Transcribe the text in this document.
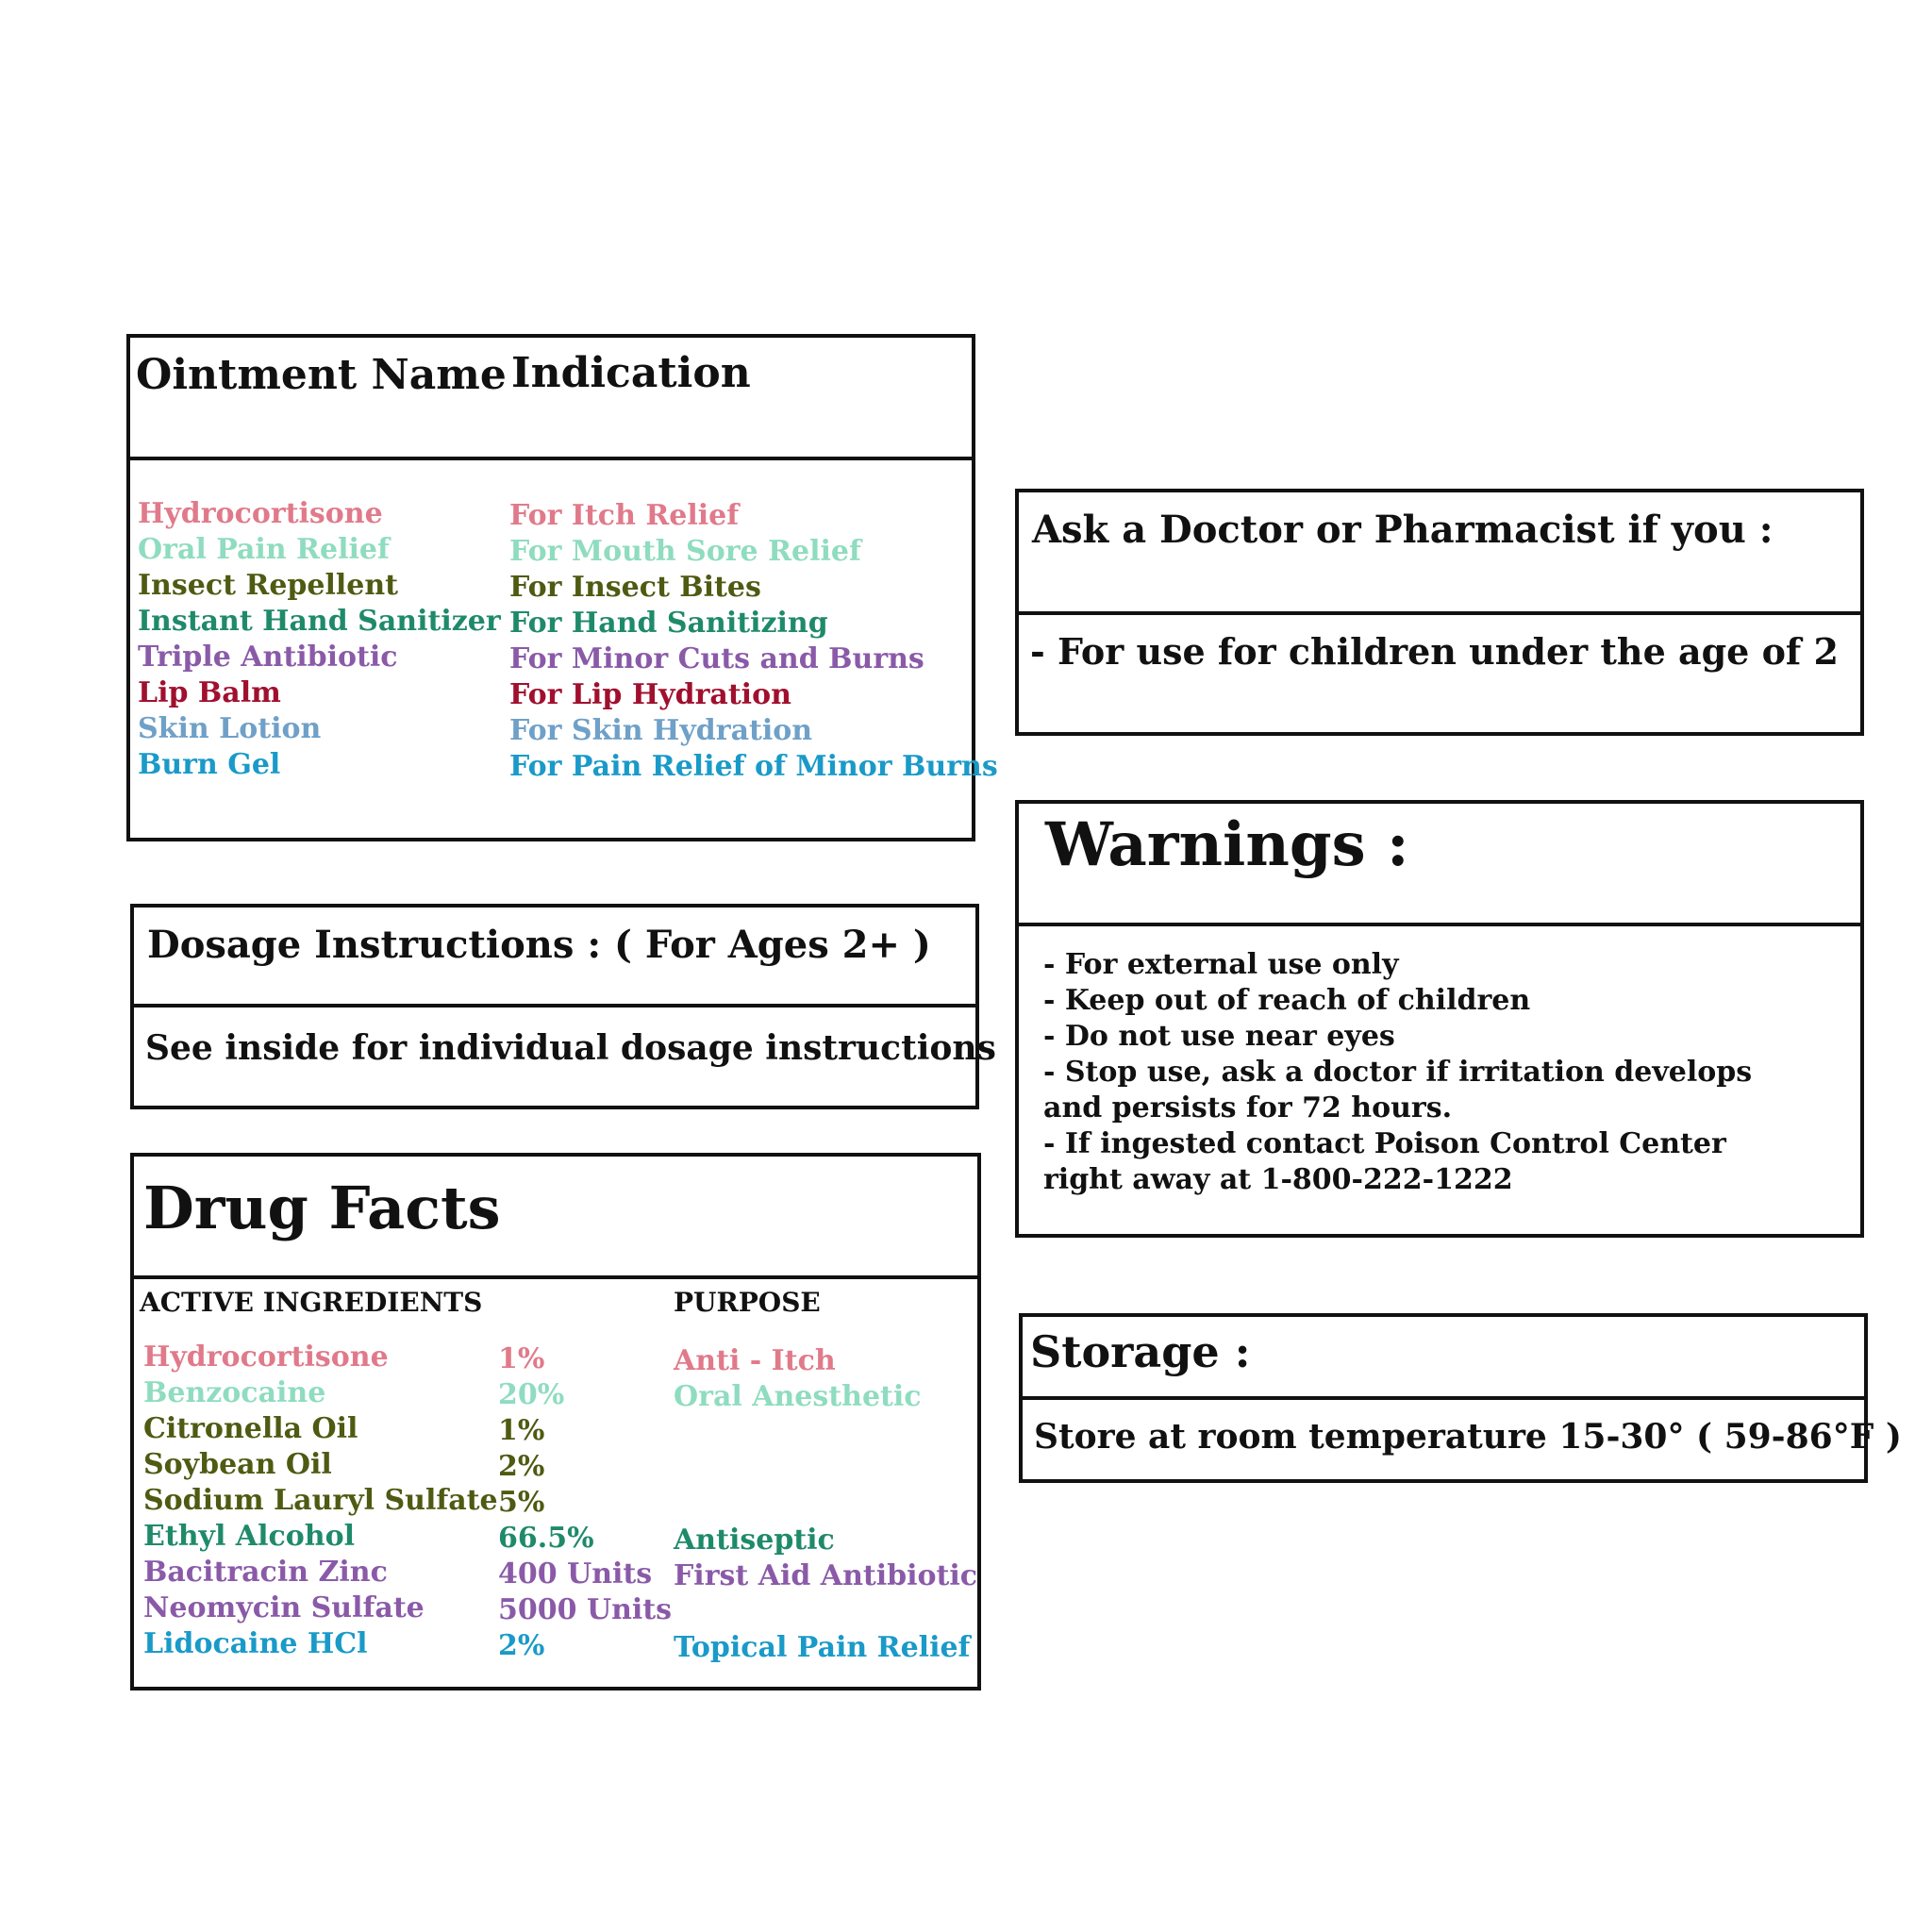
Ointment Name Indication
Hydrocortisone
Oral Pain Relief
Insect Repellent
Instant Hand Sanitizer
Triple Antibiotic
Lip Balm
Skin Lotion
Burn Gel
For Itch Relief
For Mouth Sore Relief
For Insect Bites
For Hand Sanitizing
For Minor Cuts and Burns
For Lip Hydration
For Skin Hydration
For Pain Relief of Minor Burns
Dosage Instructions : ( For Ages 2+ )
See inside for individual dosage instructions
Drug Facts
ACTIVE INGREDIENTS	PURPOSE
Hydrocortisone
Benzocaine
Citronella Oil
Soybean Oil
Sodium Lauryl Sulfate
Ethyl Alcohol
Bacitracin Zinc
Neomycin Sulfate
Lidocaine HCl
1%
20%
1%
2%
5%
66.5%
400 Units
5000 Units
2%
Anti - Itch
Oral Anesthetic
Antiseptic
First Aid Antibiotic
Topical Pain Relief
Ask a Doctor or Pharmacist if you :
- For use for children under the age of 2
Warnings :
- For external use only
- Keep out of reach of children
- Do not use near eyes
- Stop use, ask a doctor if irritation develops
and persists for 72 hours.
- If ingested contact Poison Control Center
right away at 1-800-222-1222
Storage :
Store at room temperature 15-30° ( 59-86°F )
